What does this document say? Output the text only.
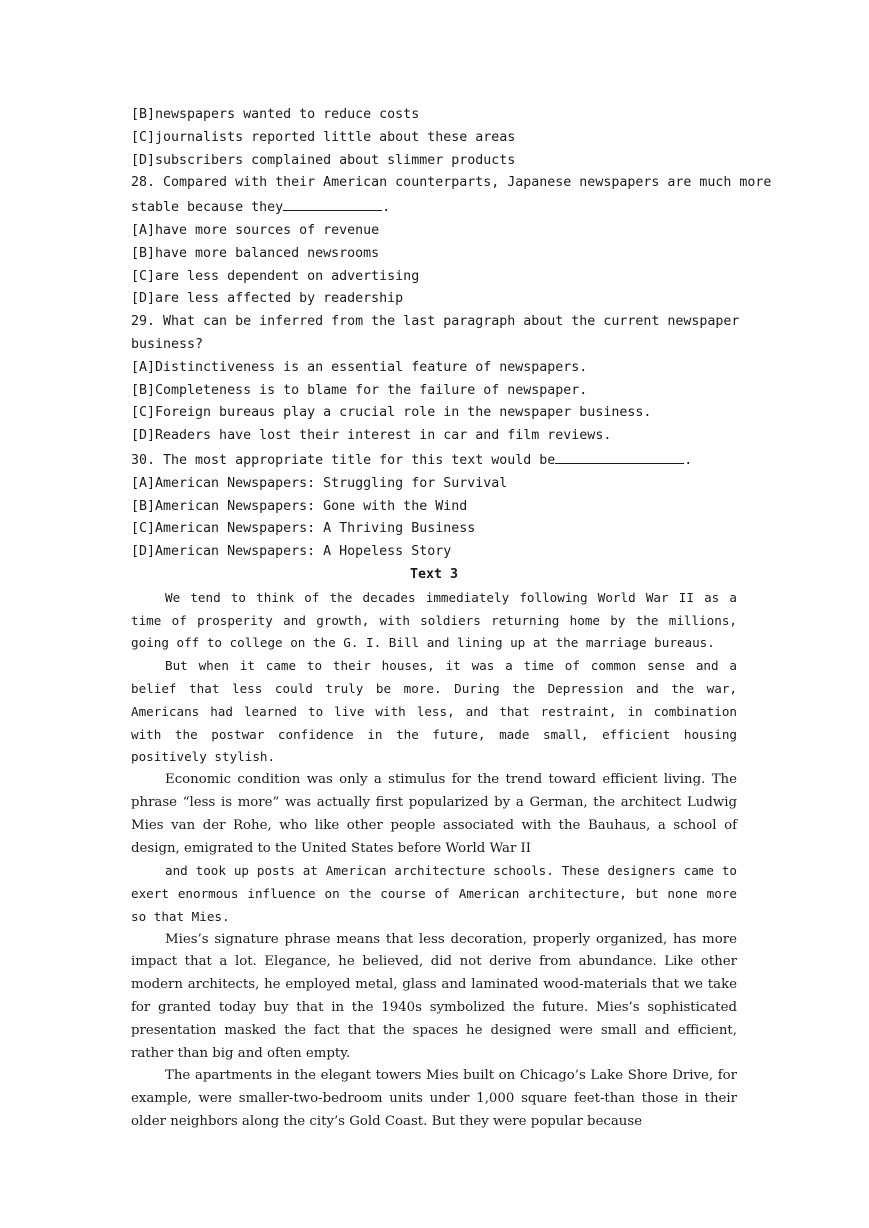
[B]newspapers wanted to reduce costs
[C]journalists reported little about these areas
[D]subscribers complained about slimmer products
28. Compared with their American counterparts, Japanese newspapers are much more
stable because they	.
[A]have more sources of revenue
[B]have more balanced newsrooms
[C]are less dependent on advertising
[D]are less affected by readership
29. What can be inferred from the last paragraph about the current newspaper
business?
[A]Distinctiveness is an essential feature of newspapers.
[B]Completeness is to blame for the failure of newspaper.
[C]Foreign bureaus play a crucial role in the newspaper business.
[D]Readers have lost their interest in car and film reviews.
30. The most appropriate title for this text would be	.
[A]American Newspapers: Struggling for Survival
[B]American Newspapers: Gone with the Wind
[C]American Newspapers: A Thriving Business
[D]American Newspapers: A Hopeless Story
Text 3

We tend to think of the decades immediately following World War II as a time of prosperity and growth, with soldiers returning home by the millions, going off to college on the G. I. Bill and lining up at the marriage bureaus.

But when it came to their houses, it was a time of common sense and a belief that less could truly be more. During the Depression and the war, Americans had learned to live with less, and that restraint, in combination with the postwar confidence in the future, made small, efficient housing positively stylish.

Economic condition was only a stimulus for the trend toward efficient living. The phrase “less is more” was actually first popularized by a German, the architect Ludwig Mies van der Rohe, who like other people associated with the Bauhaus, a school of design, emigrated to the United States before World War II

and took up posts at American architecture schools. These designers came to exert enormous influence on the course of American architecture, but none more so that Mies.

Mies’s signature phrase means that less decoration, properly organized, has more impact that a lot. Elegance, he believed, did not derive from abundance. Like other modern architects, he employed metal, glass and laminated wood-materials that we take for granted today buy that in the 1940s symbolized the future. Mies’s sophisticated presentation masked the fact that the spaces he designed were small and efficient, rather than big and often empty.

The apartments in the elegant towers Mies built on Chicago’s Lake Shore Drive, for example, were smaller-two-bedroom units under 1,000 square feet-than those in their older neighbors along the city’s Gold Coast. But they were popular because
